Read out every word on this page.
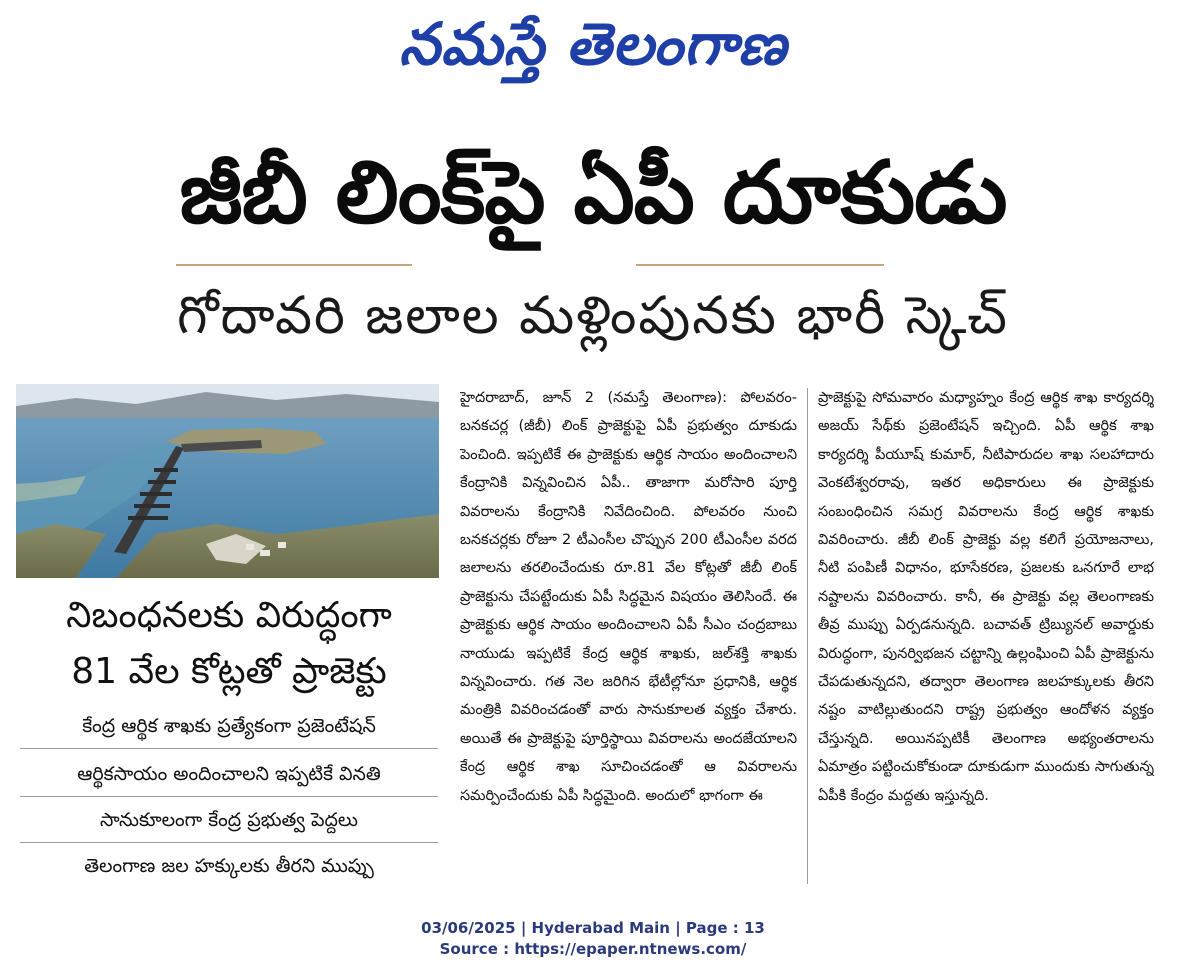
నమస్తే తెలంగాణ
జీబీ లింక్‌పై ఏపీ దూకుడు
గోదావరి జలాల మళ్లింపునకు భారీ స్కెచ్
నిబంధనలకు విరుద్ధంగా
81 వేల కోట్లతో ప్రాజెక్టు
కేంద్ర ఆర్థిక శాఖకు ప్రత్యేకంగా ప్రజెంటేషన్
ఆర్థికసాయం అందించాలని ఇప్పటికే వినతి
సానుకూలంగా కేంద్ర ప్రభుత్వ పెద్దలు
తెలంగాణ జల హక్కులకు తీరని ముప్పు
హైదరాబాద్‌, జూన్‌ 2 (నమస్తే తెలంగాణ): పోలవరం-బనకచర్ల (జీబీ) లింక్‌ ప్రాజెక్టుపై ఏపీ ప్రభుత్వం దూకుడు పెంచింది. ఇప్పటికే ఈ ప్రాజెక్టుకు ఆర్థిక సాయం అందించాలని కేంద్రానికి విన్నవించిన ఏపీ.. తాజాగా మరోసారి పూర్తి వివరాలను కేంద్రానికి నివేదించింది. పోలవరం నుంచి బనకచర్లకు రోజూ 2 టీఎంసీల చొప్పున 200 టీఎంసీల వరద జలాలను తరలించేందుకు రూ.81 వేల కోట్లతో జీబీ లింక్‌ ప్రాజెక్టును చేపట్టేందుకు ఏపీ సిద్ధమైన విషయం తెలిసిందే. ఈ ప్రాజెక్టుకు ఆర్థిక సాయం అందించాలని ఏపీ సీఎం చంద్రబాబు నాయుడు ఇప్పటికే కేంద్ర ఆర్థిక శాఖకు, జల్‌శక్తి శాఖకు విన్నవించారు. గత నెల జరిగిన భేటీల్లోనూ ప్రధానికి, ఆర్థిక మంత్రికి వివరించడంతో వారు సానుకూలత వ్యక్తం చేశారు. అయితే ఈ ప్రాజెక్టుపై పూర్తిస్థాయి వివరాలను అందజేయాలని కేంద్ర ఆర్థిక శాఖ సూచించడంతో ఆ వివరాలను సమర్పించేందుకు ఏపీ సిద్ధమైంది. అందులో భాగంగా ఈ
ప్రాజెక్టుపై సోమవారం మధ్యాహ్నం కేంద్ర ఆర్థిక శాఖ కార్యదర్శి అజయ్‌ సేథ్‌కు ప్రజెంటేషన్‌ ఇచ్చింది. ఏపీ ఆర్థిక శాఖ కార్యదర్శి పీయూష్‌ కుమార్‌, నీటిపారుదల శాఖ సలహాదారు వెంకటేశ్వరరావు, ఇతర అధికారులు ఈ ప్రాజెక్టుకు సంబంధించిన సమగ్ర వివరాలను కేంద్ర ఆర్థిక శాఖకు వివరించారు. జీబీ లింక్‌ ప్రాజెక్టు వల్ల కలిగే ప్రయోజనాలు, నీటి పంపిణీ విధానం, భూసేకరణ, ప్రజలకు ఒనగూరే లాభ నష్టాలను వివరించారు. కానీ, ఈ ప్రాజెక్టు వల్ల తెలంగాణకు తీవ్ర ముప్పు ఏర్పడనున్నది. బచావత్‌ ట్రిబ్యునల్‌ అవార్డుకు విరుద్ధంగా, పునర్విభజన చట్టాన్ని ఉల్లంఘించి ఏపీ ప్రాజెక్టును చేపడుతున్నదని, తద్వారా తెలంగాణ జలహక్కులకు తీరని నష్టం వాటిల్లుతుందని రాష్ట్ర ప్రభుత్వం ఆందోళన వ్యక్తం చేస్తున్నది. అయినప్పటికీ తెలంగాణ అభ్యంతరాలను ఏమాత్రం పట్టించుకోకుండా దూకుడుగా ముందుకు సాగుతున్న ఏపీకి కేంద్రం మద్దతు ఇస్తున్నది.
03/06/2025 | Hyderabad Main | Page : 13
Source : https://epaper.ntnews.com/
